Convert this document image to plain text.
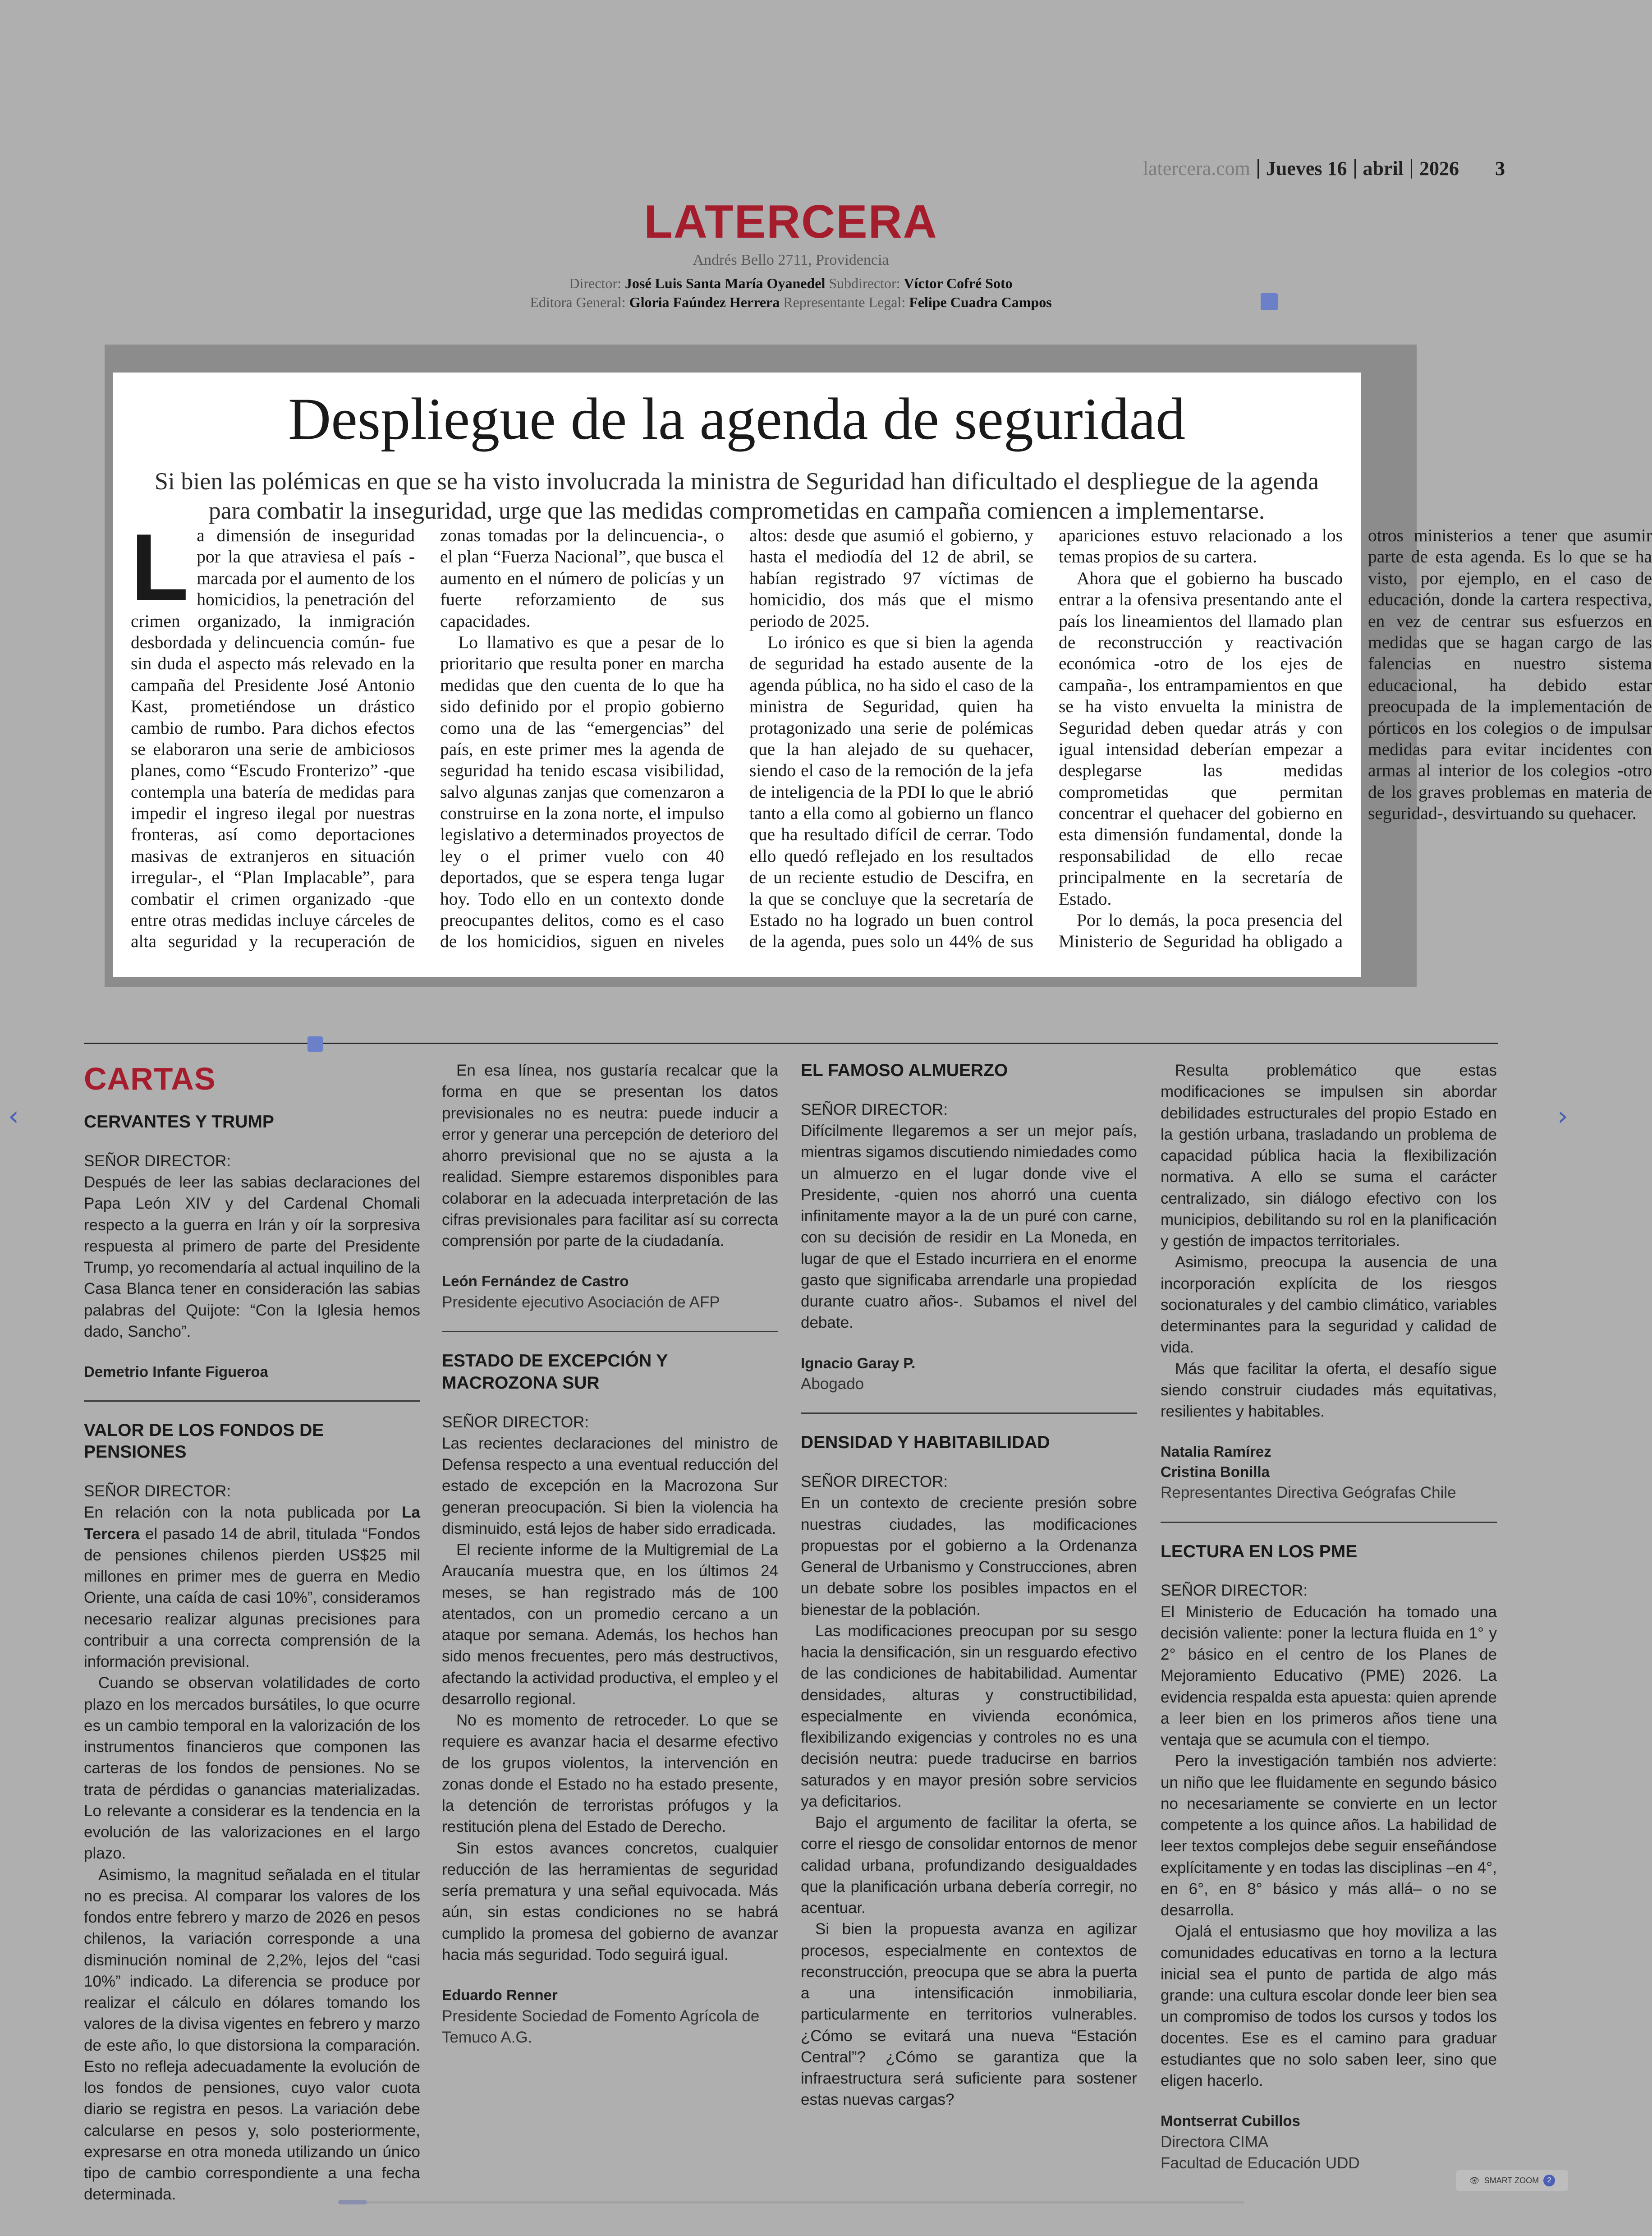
latercera.com Jueves 16 abril 2026 3
LATERCERA
Andrés Bello 2711, Providencia
Director: José Luis Santa María Oyanedel Subdirector: Víctor Cofré Soto
Editora General: Gloria Faúndez Herrera Representante Legal: Felipe Cuadra Campos
Despliegue de la agenda de seguridad
Si bien las polémicas en que se ha visto involucrada la ministra de Seguridad han dificultado el despliegue de la agenda para combatir la inseguridad, urge que las medidas comprometidas en campaña comiencen a implementarse.

La dimensión de inseguridad por la que atraviesa el país -marcada por el aumento de los homicidios, la penetración del crimen organizado, la inmigración desbordada y delincuencia común- fue sin duda el aspecto más relevado en la campaña del Presidente José Antonio Kast, prometiéndose un drástico cambio de rumbo. Para dichos efectos se elaboraron una serie de ambiciosos planes, como “Escudo Fronterizo” -que contempla una batería de medidas para impedir el ingreso ilegal por nuestras fronteras, así como deportaciones masivas de extranjeros en situación irregular-, el “Plan Implacable”, para combatir el crimen organizado -que entre otras medidas incluye cárceles de alta seguridad y la recuperación de zonas tomadas por la delincuencia-, o el plan “Fuerza Nacional”, que busca el aumento en el número de policías y un fuerte reforzamiento de sus capacidades.

Lo llamativo es que a pesar de lo prioritario que resulta poner en marcha medidas que den cuenta de lo que ha sido definido por el propio gobierno como una de las “emergencias” del país, en este primer mes la agenda de seguridad ha tenido escasa visibilidad, salvo algunas zanjas que comenzaron a construirse en la zona norte, el impulso legislativo a determinados proyectos de ley o el primer vuelo con 40 deportados, que se espera tenga lugar hoy. Todo ello en un contexto donde preocupantes delitos, como es el caso de los homicidios, siguen en niveles altos: desde que asumió el gobierno, y hasta el mediodía del 12 de abril, se habían registrado 97 víctimas de homicidio, dos más que el mismo periodo de 2025.

Lo irónico es que si bien la agenda de seguridad ha estado ausente de la agenda pública, no ha sido el caso de la ministra de Seguridad, quien ha protagonizado una serie de polémicas que la han alejado de su quehacer, siendo el caso de la remoción de la jefa de inteligencia de la PDI lo que le abrió tanto a ella como al gobierno un flanco que ha resultado difícil de cerrar. Todo ello quedó reflejado en los resultados de un reciente estudio de Descifra, en la que se concluye que la secretaría de Estado no ha logrado un buen control de la agenda, pues solo un 44% de sus apariciones estuvo relacionado a los temas propios de su cartera.

Ahora que el gobierno ha buscado entrar a la ofensiva presentando ante el país los lineamientos del llamado plan de reconstrucción y reactivación económica -otro de los ejes de campaña-, los entrampamientos en que se ha visto envuelta la ministra de Seguridad deben quedar atrás y con igual intensidad deberían empezar a desplegarse las medidas comprometidas que permitan concentrar el quehacer del gobierno en esta dimensión fundamental, donde la responsabilidad de ello recae principalmente en la secretaría de Estado.

Por lo demás, la poca presencia del Ministerio de Seguridad ha obligado a otros ministerios a tener que asumir parte de esta agenda. Es lo que se ha visto, por ejemplo, en el caso de educación, donde la cartera respectiva, en vez de centrar sus esfuerzos en medidas que se hagan cargo de las falencias en nuestro sistema educacional, ha debido estar preocupada de la implementación de pórticos en los colegios o de impulsar medidas para evitar incidentes con armas al interior de los colegios -otro de los graves problemas en materia de seguridad-, desvirtuando su quehacer.

CARTAS
CERVANTES Y TRUMP

SEÑOR DIRECTOR:

Después de leer las sabias declaraciones del Papa León XIV y del Cardenal Chomali respecto a la guerra en Irán y oír la sorpresiva respuesta al primero de parte del Presidente Trump, yo recomendaría al actual inquilino de la Casa Blanca tener en consideración las sabias palabras del Quijote: “Con la Iglesia hemos dado, Sancho”.

Demetrio Infante Figueroa
VALOR DE LOS FONDOS DE PENSIONES

SEÑOR DIRECTOR:

En relación con la nota publicada por La Tercera el pasado 14 de abril, titulada “Fondos de pensiones chilenos pierden US$25 mil millones en primer mes de guerra en Medio Oriente, una caída de casi 10%”, consideramos necesario realizar algunas precisiones para contribuir a una correcta comprensión de la información previsional.

Cuando se observan volatilidades de corto plazo en los mercados bursátiles, lo que ocurre es un cambio temporal en la valorización de los instrumentos financieros que componen las carteras de los fondos de pensiones. No se trata de pérdidas o ganancias materializadas. Lo relevante a considerar es la tendencia en la evolución de las valorizaciones en el largo plazo.

Asimismo, la magnitud señalada en el titular no es precisa. Al comparar los valores de los fondos entre febrero y marzo de 2026 en pesos chilenos, la variación corresponde a una disminución nominal de 2,2%, lejos del “casi 10%” indicado. La diferencia se produce por realizar el cálculo en dólares tomando los valores de la divisa vigentes en febrero y marzo de este año, lo que distorsiona la comparación. Esto no refleja adecuadamente la evolución de los fondos de pensiones, cuyo valor cuota diario se registra en pesos. La variación debe calcularse en pesos y, solo posteriormente, expresarse en otra moneda utilizando un único tipo de cambio correspondiente a una fecha determinada.

En esa línea, nos gustaría recalcar que la forma en que se presentan los datos previsionales no es neutra: puede inducir a error y generar una percepción de deterioro del ahorro previsional que no se ajusta a la realidad. Siempre estaremos disponibles para colaborar en la adecuada interpretación de las cifras previsionales para facilitar así su correcta comprensión por parte de la ciudadanía.

León Fernández de Castro
Presidente ejecutivo Asociación de AFP
ESTADO DE EXCEPCIÓN Y MACROZONA SUR

SEÑOR DIRECTOR:

Las recientes declaraciones del ministro de Defensa respecto a una eventual reducción del estado de excepción en la Macrozona Sur generan preocupación. Si bien la violencia ha disminuido, está lejos de haber sido erradicada.

El reciente informe de la Multigremial de La Araucanía muestra que, en los últimos 24 meses, se han registrado más de 100 atentados, con un promedio cercano a un ataque por semana. Además, los hechos han sido menos frecuentes, pero más destructivos, afectando la actividad productiva, el empleo y el desarrollo regional.

No es momento de retroceder. Lo que se requiere es avanzar hacia el desarme efectivo de los grupos violentos, la intervención en zonas donde el Estado no ha estado presente, la detención de terroristas prófugos y la restitución plena del Estado de Derecho.

Sin estos avances concretos, cualquier reducción de las herramientas de seguridad sería prematura y una señal equivocada. Más aún, sin estas condiciones no se habrá cumplido la promesa del gobierno de avanzar hacia más seguridad. Todo seguirá igual.

Eduardo Renner
Presidente Sociedad de Fomento Agrícola de Temuco A.G.
EL FAMOSO ALMUERZO

SEÑOR DIRECTOR:

Difícilmente llegaremos a ser un mejor país, mientras sigamos discutiendo nimiedades como un almuerzo en el lugar donde vive el Presidente, -quien nos ahorró una cuenta infinitamente mayor a la de un puré con carne, con su decisión de residir en La Moneda, en lugar de que el Estado incurriera en el enorme gasto que significaba arrendarle una propiedad durante cuatro años-. Subamos el nivel del debate.

Ignacio Garay P.
Abogado
DENSIDAD Y HABITABILIDAD

SEÑOR DIRECTOR:

En un contexto de creciente presión sobre nuestras ciudades, las modificaciones propuestas por el gobierno a la Ordenanza General de Urbanismo y Construcciones, abren un debate sobre los posibles impactos en el bienestar de la población.

Las modificaciones preocupan por su sesgo hacia la densificación, sin un resguardo efectivo de las condiciones de habitabilidad. Aumentar densidades, alturas y constructibilidad, especialmente en vivienda económica, flexibilizando exigencias y controles no es una decisión neutra: puede traducirse en barrios saturados y en mayor presión sobre servicios ya deficitarios.

Bajo el argumento de facilitar la oferta, se corre el riesgo de consolidar entornos de menor calidad urbana, profundizando desigualdades que la planificación urbana debería corregir, no acentuar.

Si bien la propuesta avanza en agilizar procesos, especialmente en contextos de reconstrucción, preocupa que se abra la puerta a una intensificación inmobiliaria, particularmente en territorios vulnerables. ¿Cómo se evitará una nueva “Estación Central”? ¿Cómo se garantiza que la infraestructura será suficiente para sostener estas nuevas cargas?

Resulta problemático que estas modificaciones se impulsen sin abordar debilidades estructurales del propio Estado en la gestión urbana, trasladando un problema de capacidad pública hacia la flexibilización normativa. A ello se suma el carácter centralizado, sin diálogo efectivo con los municipios, debilitando su rol en la planificación y gestión de impactos territoriales.

Asimismo, preocupa la ausencia de una incorporación explícita de los riesgos socionaturales y del cambio climático, variables determinantes para la seguridad y calidad de vida.

Más que facilitar la oferta, el desafío sigue siendo construir ciudades más equitativas, resilientes y habitables.

Natalia Ramírez
Cristina Bonilla
Representantes Directiva Geógrafas Chile
LECTURA EN LOS PME

SEÑOR DIRECTOR:

El Ministerio de Educación ha tomado una decisión valiente: poner la lectura fluida en 1° y 2° básico en el centro de los Planes de Mejoramiento Educativo (PME) 2026. La evidencia respalda esta apuesta: quien aprende a leer bien en los primeros años tiene una ventaja que se acumula con el tiempo.

Pero la investigación también nos advierte: un niño que lee fluidamente en segundo básico no necesariamente se convierte en un lector competente a los quince años. La habilidad de leer textos complejos debe seguir enseñándose explícitamente y en todas las disciplinas –en 4°, en 6°, en 8° básico y más allá– o no se desarrolla.

Ojalá el entusiasmo que hoy moviliza a las comunidades educativas en torno a la lectura inicial sea el punto de partida de algo más grande: una cultura escolar donde leer bien sea un compromiso de todos los cursos y todos los docentes. Ese es el camino para graduar estudiantes que no solo saben leer, sino que eligen hacerlo.

Montserrat Cubillos
Directora CIMA
Facultad de Educación UDD
‹	›
👁 SMART ZOOM	2
